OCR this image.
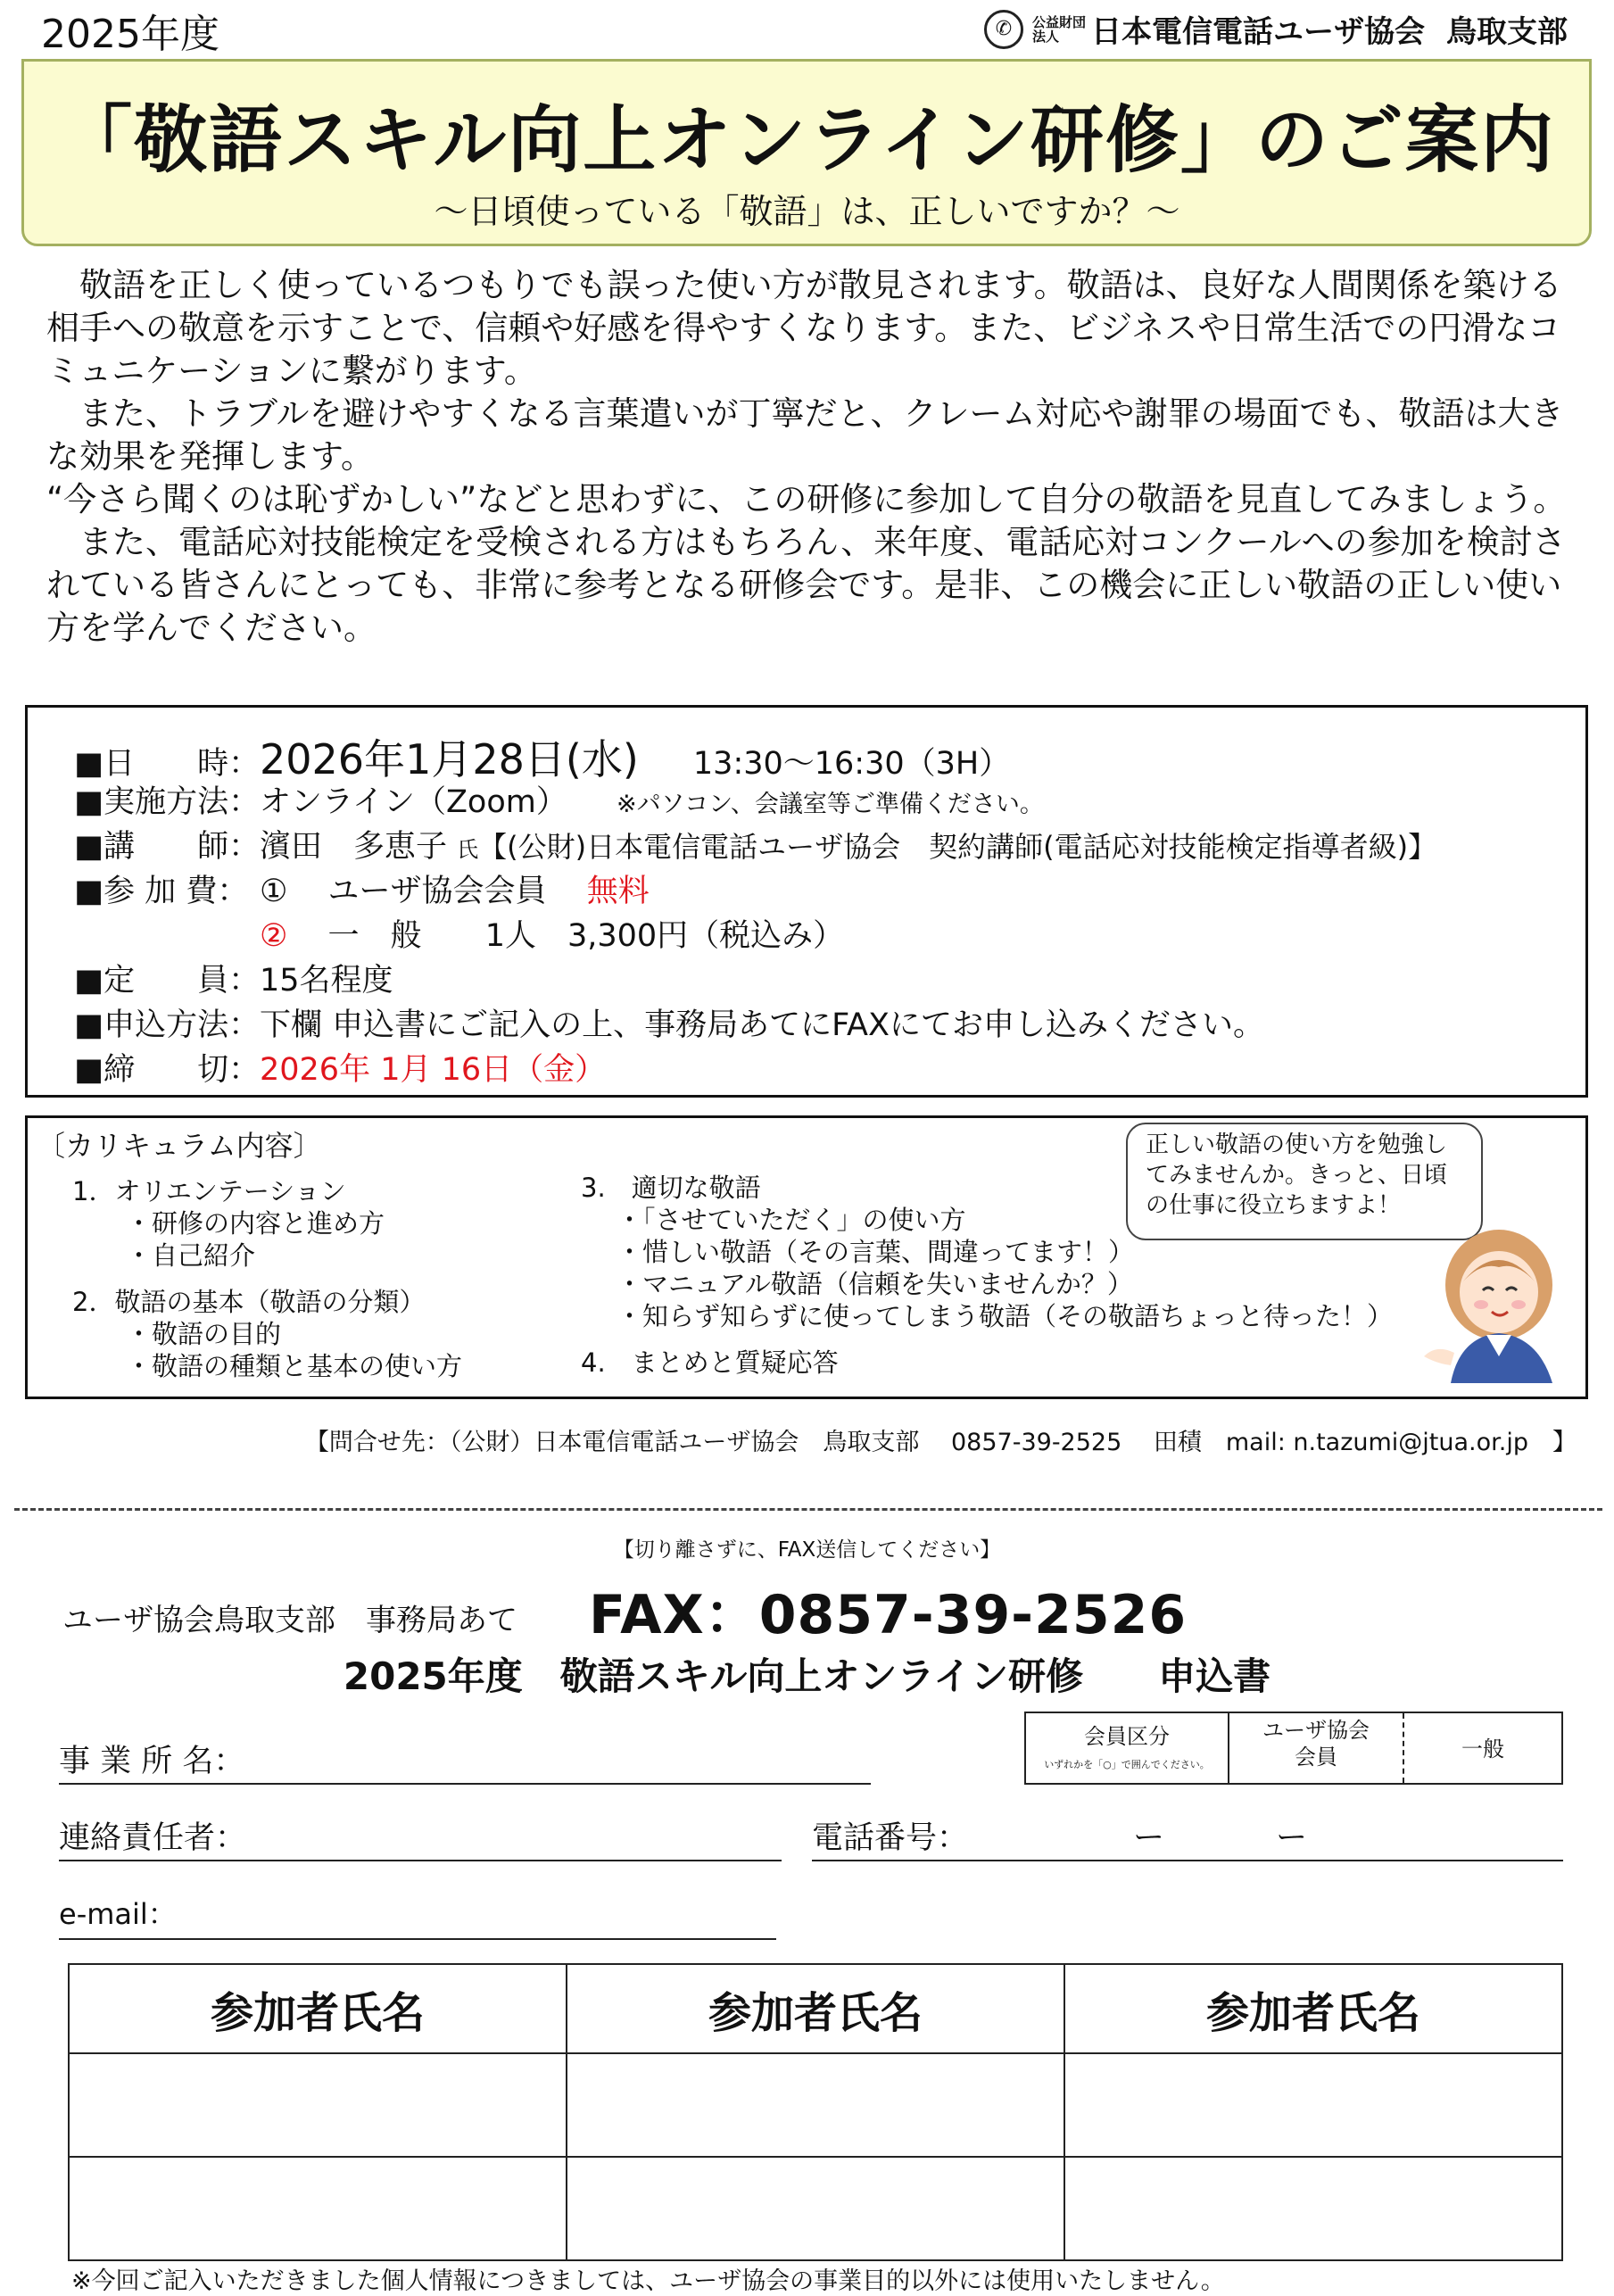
2025年度	✆	公益財団法人	日本電信電話ユーザ協会 鳥取支部
「敬語スキル向上オンライン研修」のご案内
～日頃使っている「敬語」は、正しいですか？～

敬語を正しく使っているつもりでも誤った使い方が散見されます。敬語は、良好な人間関係を築ける相手への敬意を示すことで、信頼や好感を得やすくなります。また、ビジネスや日常生活での円滑なコミュニケーションに繋がります。

また、トラブルを避けやすくなる言葉遣いが丁寧だと、クレーム対応や謝罪の場面でも、敬語は大きな効果を発揮します。

“今さら聞くのは恥ずかしい”などと思わずに、この研修に参加して自分の敬語を見直してみましょう。

また、電話応対技能検定を受検される方はもちろん、来年度、電話応対コンクールへの参加を検討されている皆さんにとっても、非常に参考となる研修会です。是非、この機会に正しい敬語の正しい使い方を学んでください。

■日　　時：2026年1月28日(水) 13:30～16:30（3H）
■実施方法：オンライン（Zoom） ※パソコン、会議室等ご準備ください。
■講　　師：濱田　多恵子 氏【(公財)日本電信電話ユーザ協会　契約講師(電話応対技能検定指導者級)】
■参 加 費： ① ユーザ協会会員 無料
② 一　般 1人　3,300円（税込み）
■定　　員：15名程度
■申込方法：下欄 申込書にご記入の上、事務局あてにFAXにてお申し込みください。
■締　　切：2026年 1月 16日（金）
〔カリキュラム内容〕
1．オリエンテーション
・研修の内容と進め方
・自己紹介
2．敬語の基本（敬語の分類）
・敬語の目的
・敬語の種類と基本の使い方
3.　適切な敬語
・「させていただく」の使い方
・惜しい敬語（その言葉、間違ってます！）
・マニュアル敬語（信頼を失いませんか？）
・知らず知らずに使ってしまう敬語（その敬語ちょっと待った！）
4.　まとめと質疑応答
正しい敬語の使い方を勉強してみませんか。きっと、日頃の仕事に役立ちますよ！
【問合せ先：（公財）日本電信電話ユーザ協会　鳥取支部　 0857-39-2525　 田積　mail: n.tazumi@jtua.or.jp　】
【切り離さずに、FAX送信してください】
ユーザ協会鳥取支部　事務局あて FAX：0857-39-2526
2025年度　敬語スキル向上オンライン研修　　申込書
事 業 所 名：
会員区分
いずれかを「○」で囲んでください。
ユーザ協会会員	一般
連絡責任者：	電話番号：	ー	ー
e-mail：
参加者氏名	参加者氏名	参加者氏名

※今回ご記入いただきました個人情報につきましては、ユーザ協会の事業目的以外には使用いたしません。
